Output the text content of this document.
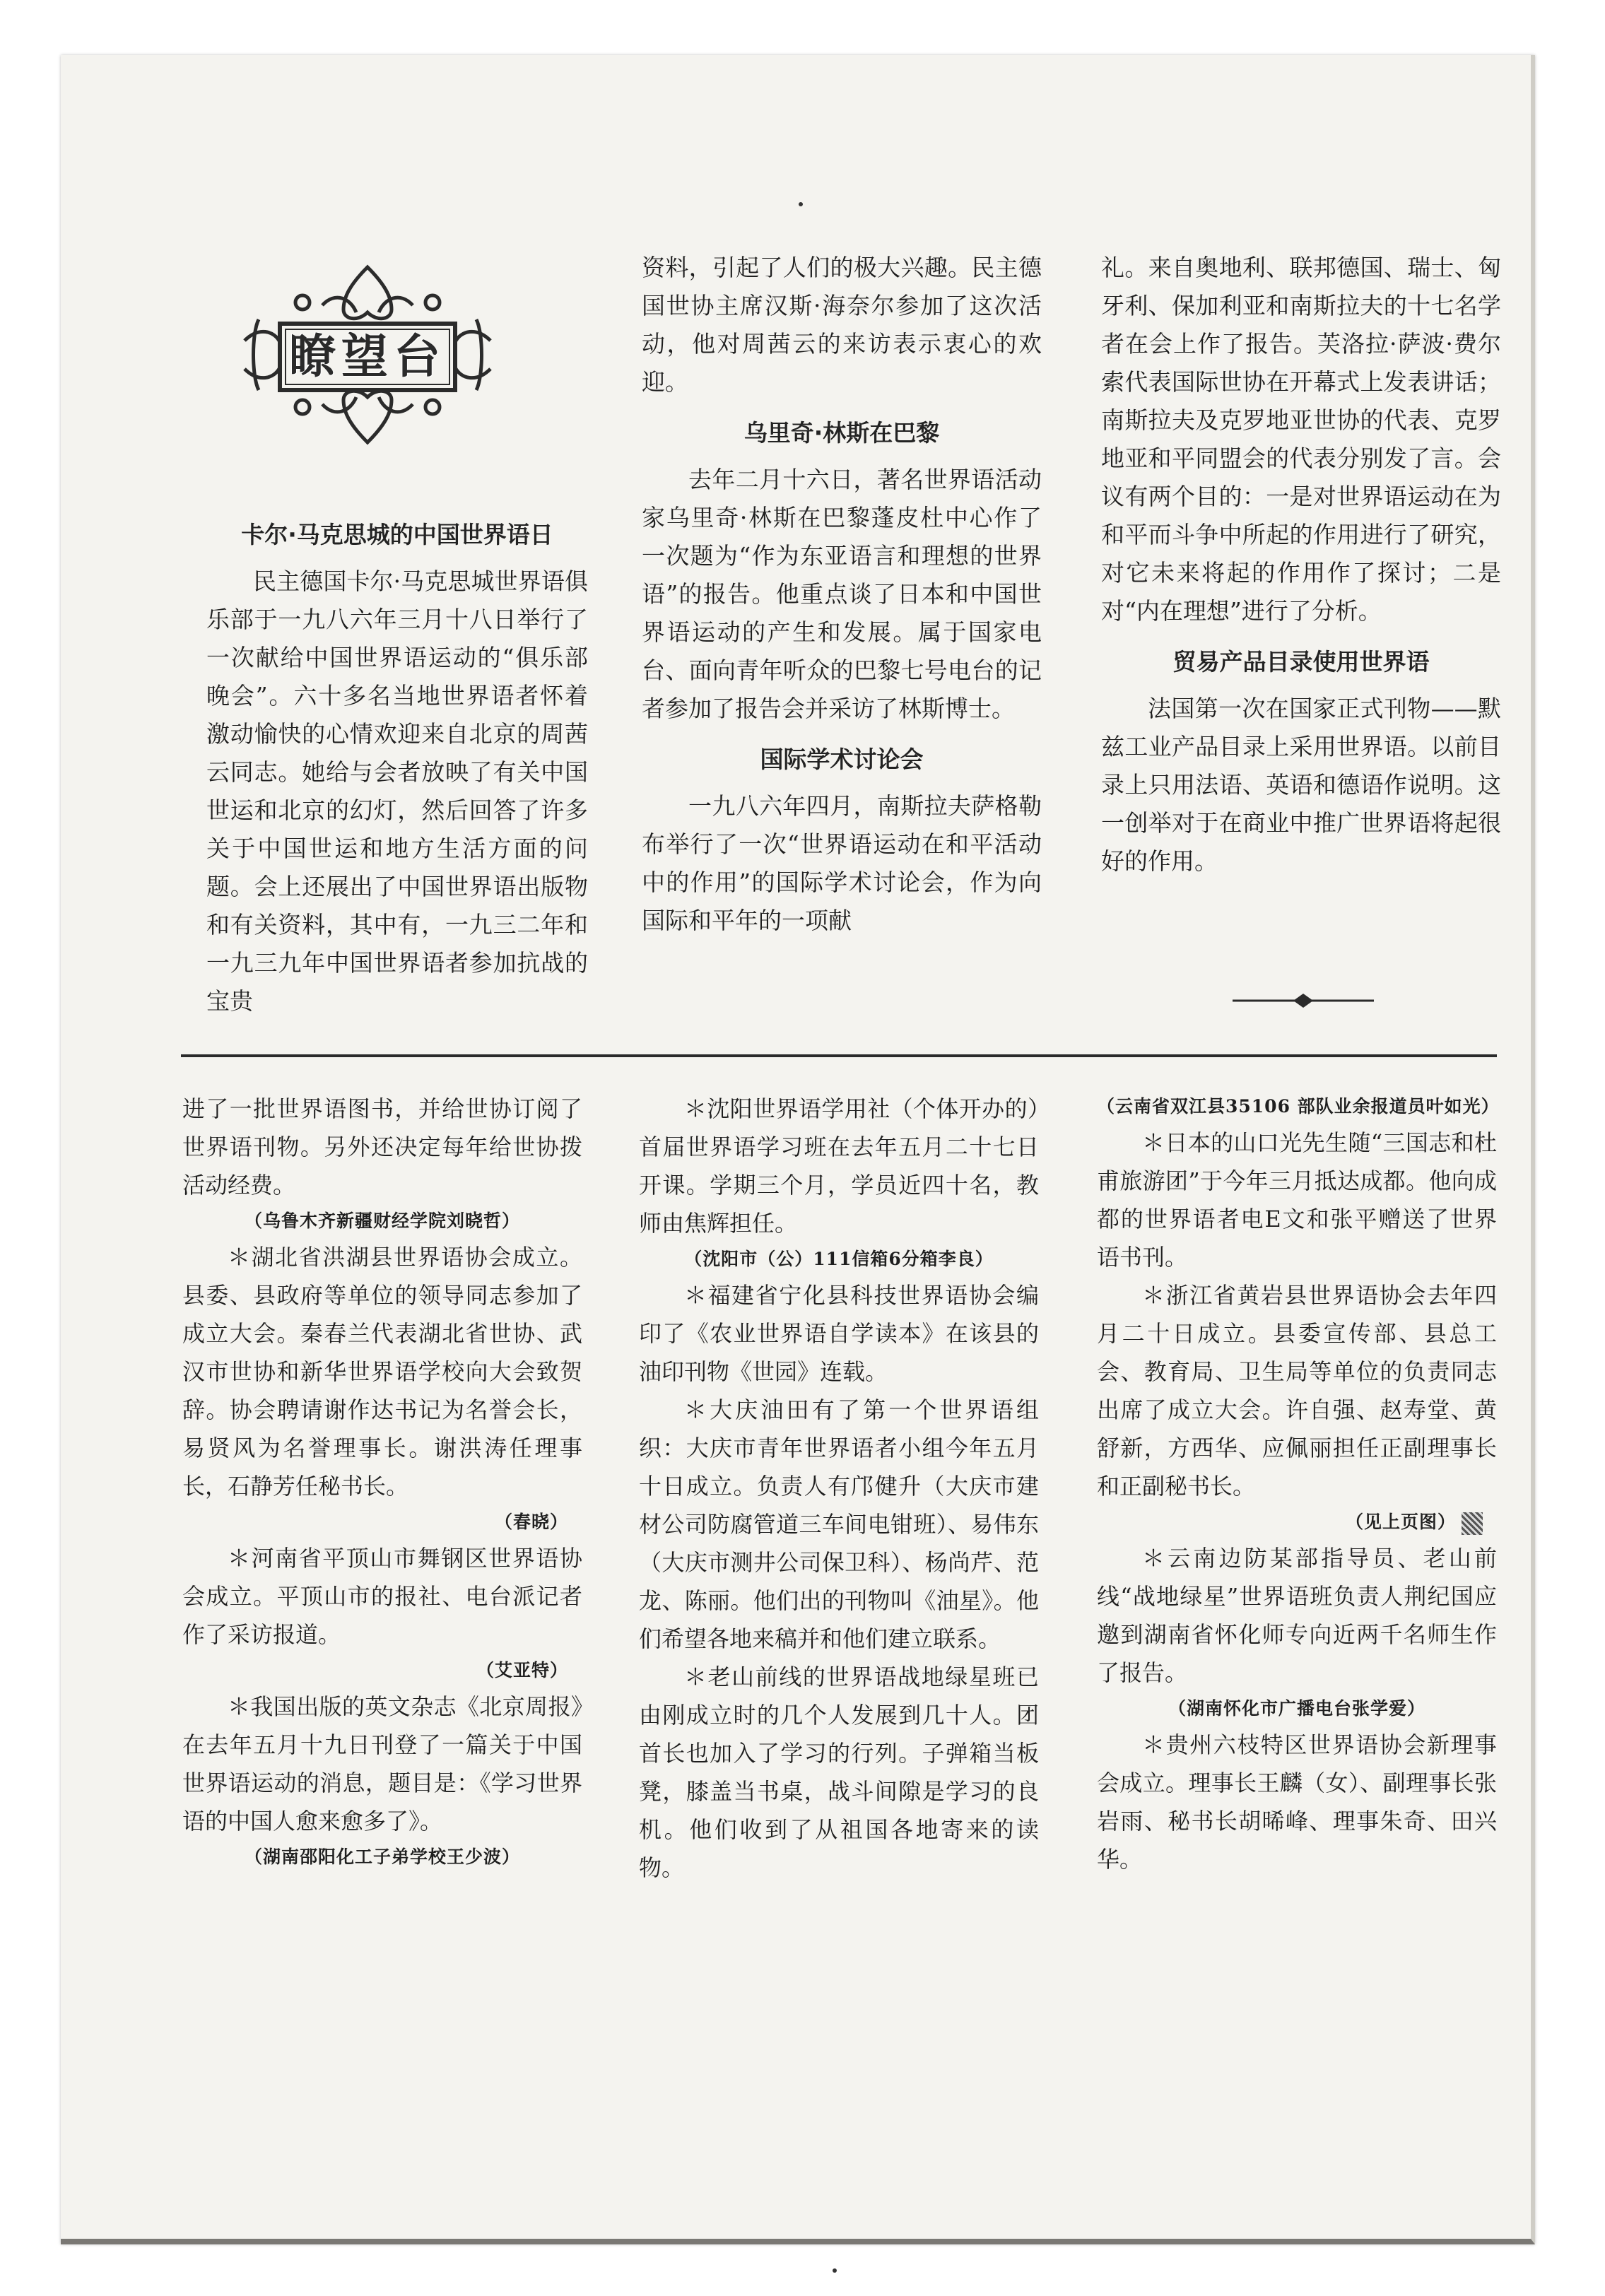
瞭望台
卡尔·马克思城的中国世界语日

民主德国卡尔·马克思城世界语俱乐部于一九八六年三月十八日举行了一次献给中国世界语运动的“俱乐部晚会”。六十多名当地世界语者怀着激动愉快的心情欢迎来自北京的周茜云同志。她给与会者放映了有关中国世运和北京的幻灯，然后回答了许多关于中国世运和地方生活方面的问题。会上还展出了中国世界语出版物和有关资料，其中有，一九三二年和一九三九年中国世界语者参加抗战的宝贵

资料，引起了人们的极大兴趣。民主德国世协主席汉斯·海奈尔参加了这次活动，他对周茜云的来访表示衷心的欢迎。

乌里奇·林斯在巴黎

去年二月十六日，著名世界语活动家乌里奇·林斯在巴黎蓬皮杜中心作了一次题为“作为东亚语言和理想的世界语”的报告。他重点谈了日本和中国世界语运动的产生和发展。属于国家电台、面向青年听众的巴黎七号电台的记者参加了报告会并采访了林斯博士。

国际学术讨论会

一九八六年四月，南斯拉夫萨格勒布举行了一次“世界语运动在和平活动中的作用”的国际学术讨论会，作为向国际和平年的一项献

礼。来自奥地利、联邦德国、瑞士、匈牙利、保加利亚和南斯拉夫的十七名学者在会上作了报告。芙洛拉·萨波·费尔索代表国际世协在开幕式上发表讲话；南斯拉夫及克罗地亚世协的代表、克罗地亚和平同盟会的代表分别发了言。会议有两个目的：一是对世界语运动在为和平而斗争中所起的作用进行了研究，对它未来将起的作用作了探讨；二是对“内在理想”进行了分析。

贸易产品目录使用世界语

法国第一次在国家正式刊物——默兹工业产品目录上采用世界语。以前目录上只用法语、英语和德语作说明。这一创举对于在商业中推广世界语将起很好的作用。

进了一批世界语图书，并给世协订阅了世界语刊物。另外还决定每年给世协拨活动经费。

（乌鲁木齐新疆财经学院刘晓哲）

＊湖北省洪湖县世界语协会成立。县委、县政府等单位的领导同志参加了成立大会。秦春兰代表湖北省世协、武汉市世协和新华世界语学校向大会致贺辞。协会聘请谢作达书记为名誉会长，易贤风为名誉理事长。谢洪涛任理事长，石静芳任秘书长。

（春晓）

＊河南省平顶山市舞钢区世界语协会成立。平顶山市的报社、电台派记者作了采访报道。

（艾亚特）

＊我国出版的英文杂志《北京周报》在去年五月十九日刊登了一篇关于中国世界语运动的消息，题目是：《学习世界语的中国人愈来愈多了》。

（湖南邵阳化工子弟学校王少波）

＊沈阳世界语学用社（个体开办的）首届世界语学习班在去年五月二十七日开课。学期三个月，学员近四十名，教师由焦辉担任。

（沈阳市（公）111信箱6分箱李良）

＊福建省宁化县科技世界语协会编印了《农业世界语自学读本》在该县的油印刊物《世园》连载。

＊大庆油田有了第一个世界语组织：大庆市青年世界语者小组今年五月十日成立。负责人有邝健升（大庆市建材公司防腐管道三车间电钳班）、易伟东（大庆市测井公司保卫科）、杨尚芹、范龙、陈丽。他们出的刊物叫《油星》。他们希望各地来稿并和他们建立联系。

＊老山前线的世界语战地绿星班已由刚成立时的几个人发展到几十人。团首长也加入了学习的行列。子弹箱当板凳，膝盖当书桌，战斗间隙是学习的良机。他们收到了从祖国各地寄来的读物。

（云南省双江县35106 部队业余报道员叶如光）

＊日本的山口光先生随“三国志和杜甫旅游团”于今年三月抵达成都。他向成都的世界语者电E文和张平赠送了世界语书刊。

＊浙江省黄岩县世界语协会去年四月二十日成立。县委宣传部、县总工会、教育局、卫生局等单位的负责同志出席了成立大会。许自强、赵寿堂、黄舒新，方西华、应佩丽担任正副理事长和正副秘书长。

（见上页图）

＊云南边防某部指导员、老山前线“战地绿星”世界语班负责人荆纪国应邀到湖南省怀化师专向近两千名师生作了报告。

（湖南怀化市广播电台张学爱）

＊贵州六枝特区世界语协会新理事会成立。理事长王麟（女）、副理事长张岩雨、秘书长胡晞峰、理事朱奇、田兴华。
